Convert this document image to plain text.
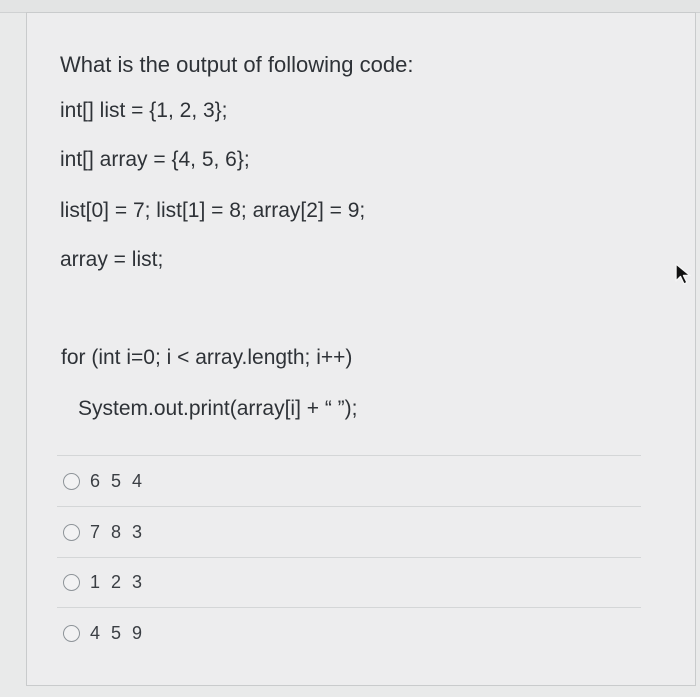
What is the output of following code:
int[] list = {1, 2, 3};
int[] array = {4, 5, 6};
list[0] = 7; list[1] = 8; array[2] = 9;
array = list;
for (int i=0; i < array.length; i++)
System.out.print(array[i] + “ ”);
6 5 4
7 8 3
1 2 3
4 5 9
